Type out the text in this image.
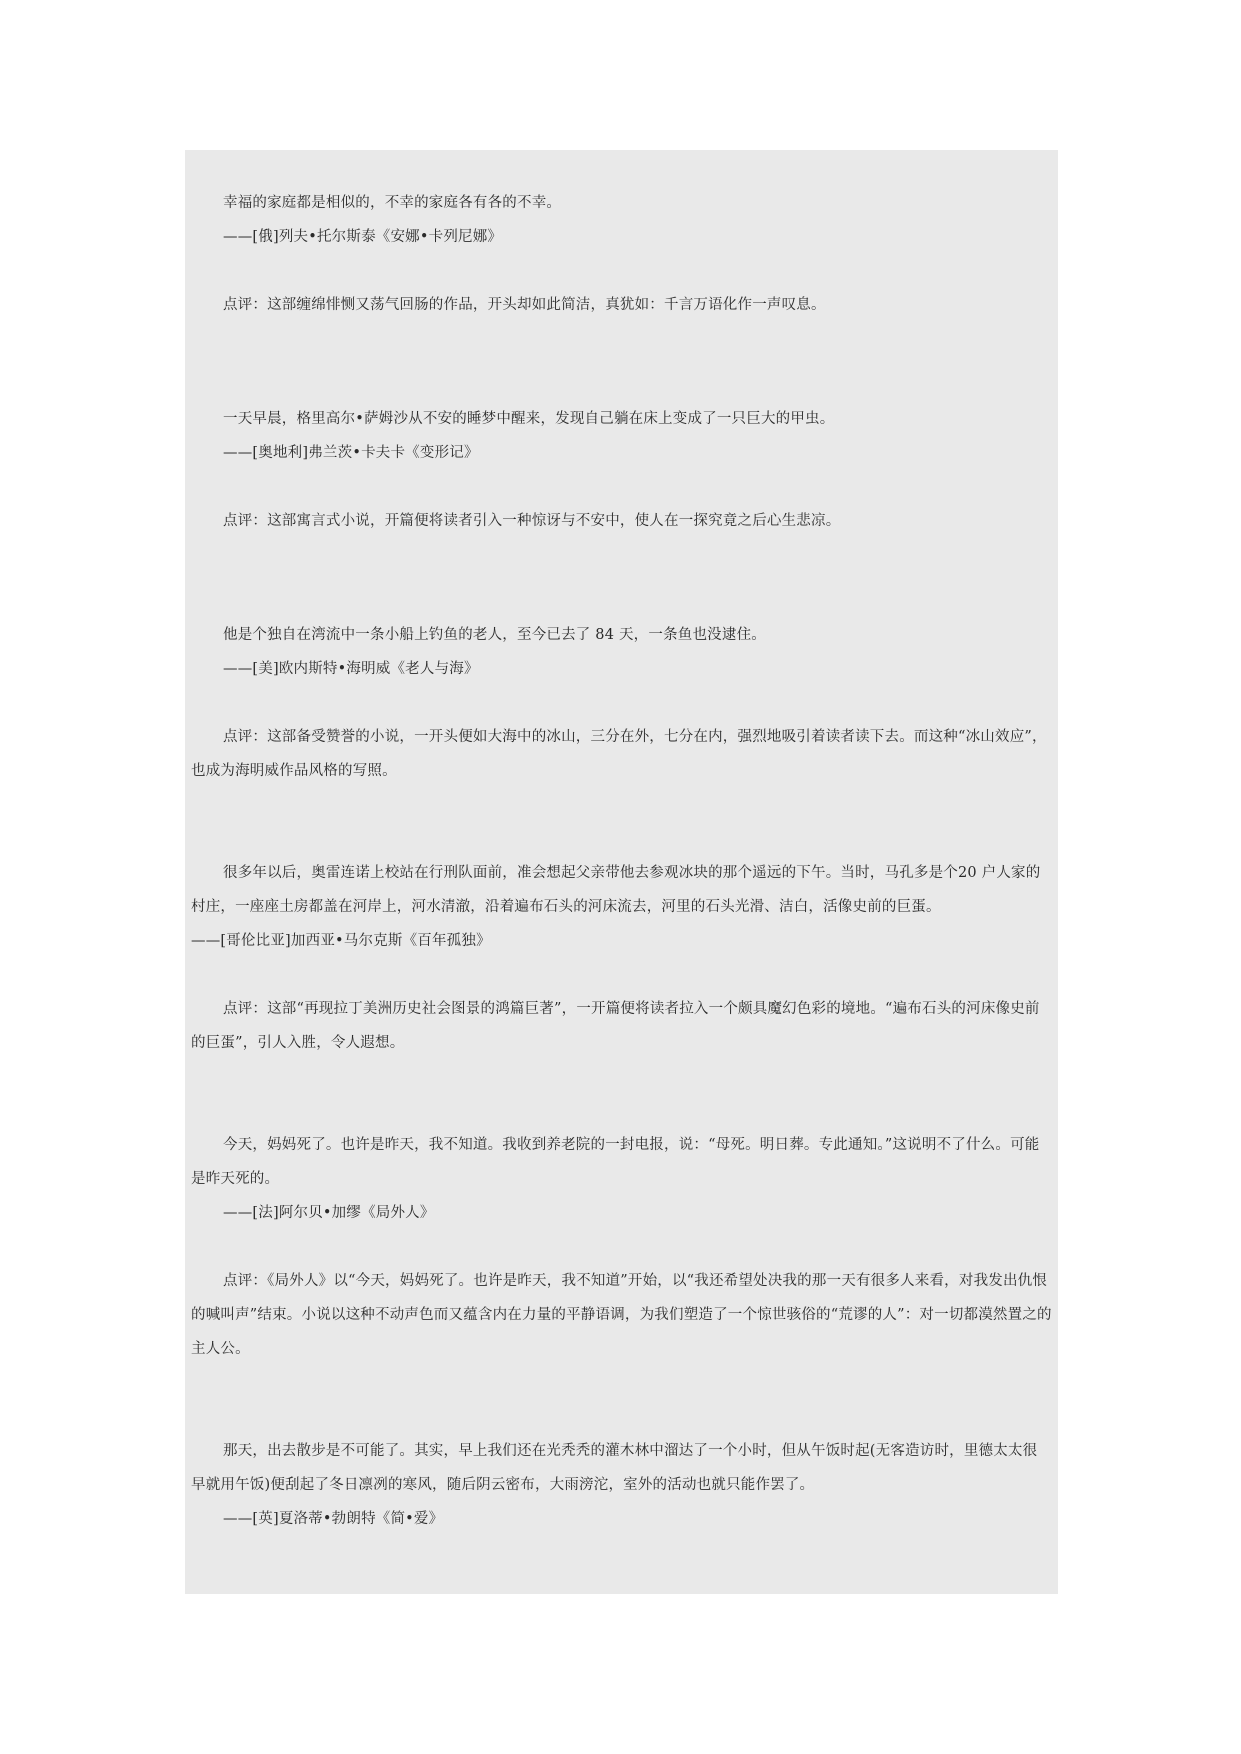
幸福的家庭都是相似的，不幸的家庭各有各的不幸。

——[俄]列夫•托尔斯泰《安娜•卡列尼娜》

点评：这部缠绵悱恻又荡气回肠的作品，开头却如此简洁，真犹如：千言万语化作一声叹息。

一天早晨，格里高尔•萨姆沙从不安的睡梦中醒来，发现自己躺在床上变成了一只巨大的甲虫。

——[奥地利]弗兰茨•卡夫卡《变形记》

点评：这部寓言式小说，开篇便将读者引入一种惊讶与不安中，使人在一探究竟之后心生悲凉。

他是个独自在湾流中一条小船上钓鱼的老人，至今已去了 84 天，一条鱼也没逮住。

——[美]欧内斯特•海明威《老人与海》

点评：这部备受赞誉的小说，一开头便如大海中的冰山，三分在外，七分在内，强烈地吸引着读者读下去。而这种“冰山效应”，也成为海明威作品风格的写照。

很多年以后，奥雷连诺上校站在行刑队面前，准会想起父亲带他去参观冰块的那个遥远的下午。当时，马孔多是个20 户人家的村庄，一座座土房都盖在河岸上，河水清澈，沿着遍布石头的河床流去，河里的石头光滑、洁白，活像史前的巨蛋。

——[哥伦比亚]加西亚•马尔克斯《百年孤独》

点评：这部“再现拉丁美洲历史社会图景的鸿篇巨著”，一开篇便将读者拉入一个颇具魔幻色彩的境地。“遍布石头的河床像史前的巨蛋”，引人入胜，令人遐想。

今天，妈妈死了。也许是昨天，我不知道。我收到养老院的一封电报，说：“母死。明日葬。专此通知。”这说明不了什么。可能是昨天死的。

——[法]阿尔贝•加缪《局外人》

点评：《局外人》以“今天，妈妈死了。也许是昨天，我不知道”开始，以“我还希望处决我的那一天有很多人来看，对我发出仇恨的喊叫声”结束。小说以这种不动声色而又蕴含内在力量的平静语调，为我们塑造了一个惊世骇俗的“荒谬的人”：对一切都漠然置之的主人公。

那天，出去散步是不可能了。其实，早上我们还在光秃秃的灌木林中溜达了一个小时，但从午饭时起(无客造访时，里德太太很早就用午饭)便刮起了冬日凛冽的寒风，随后阴云密布，大雨滂沱，室外的活动也就只能作罢了。

——[英]夏洛蒂•勃朗特《简•爱》
